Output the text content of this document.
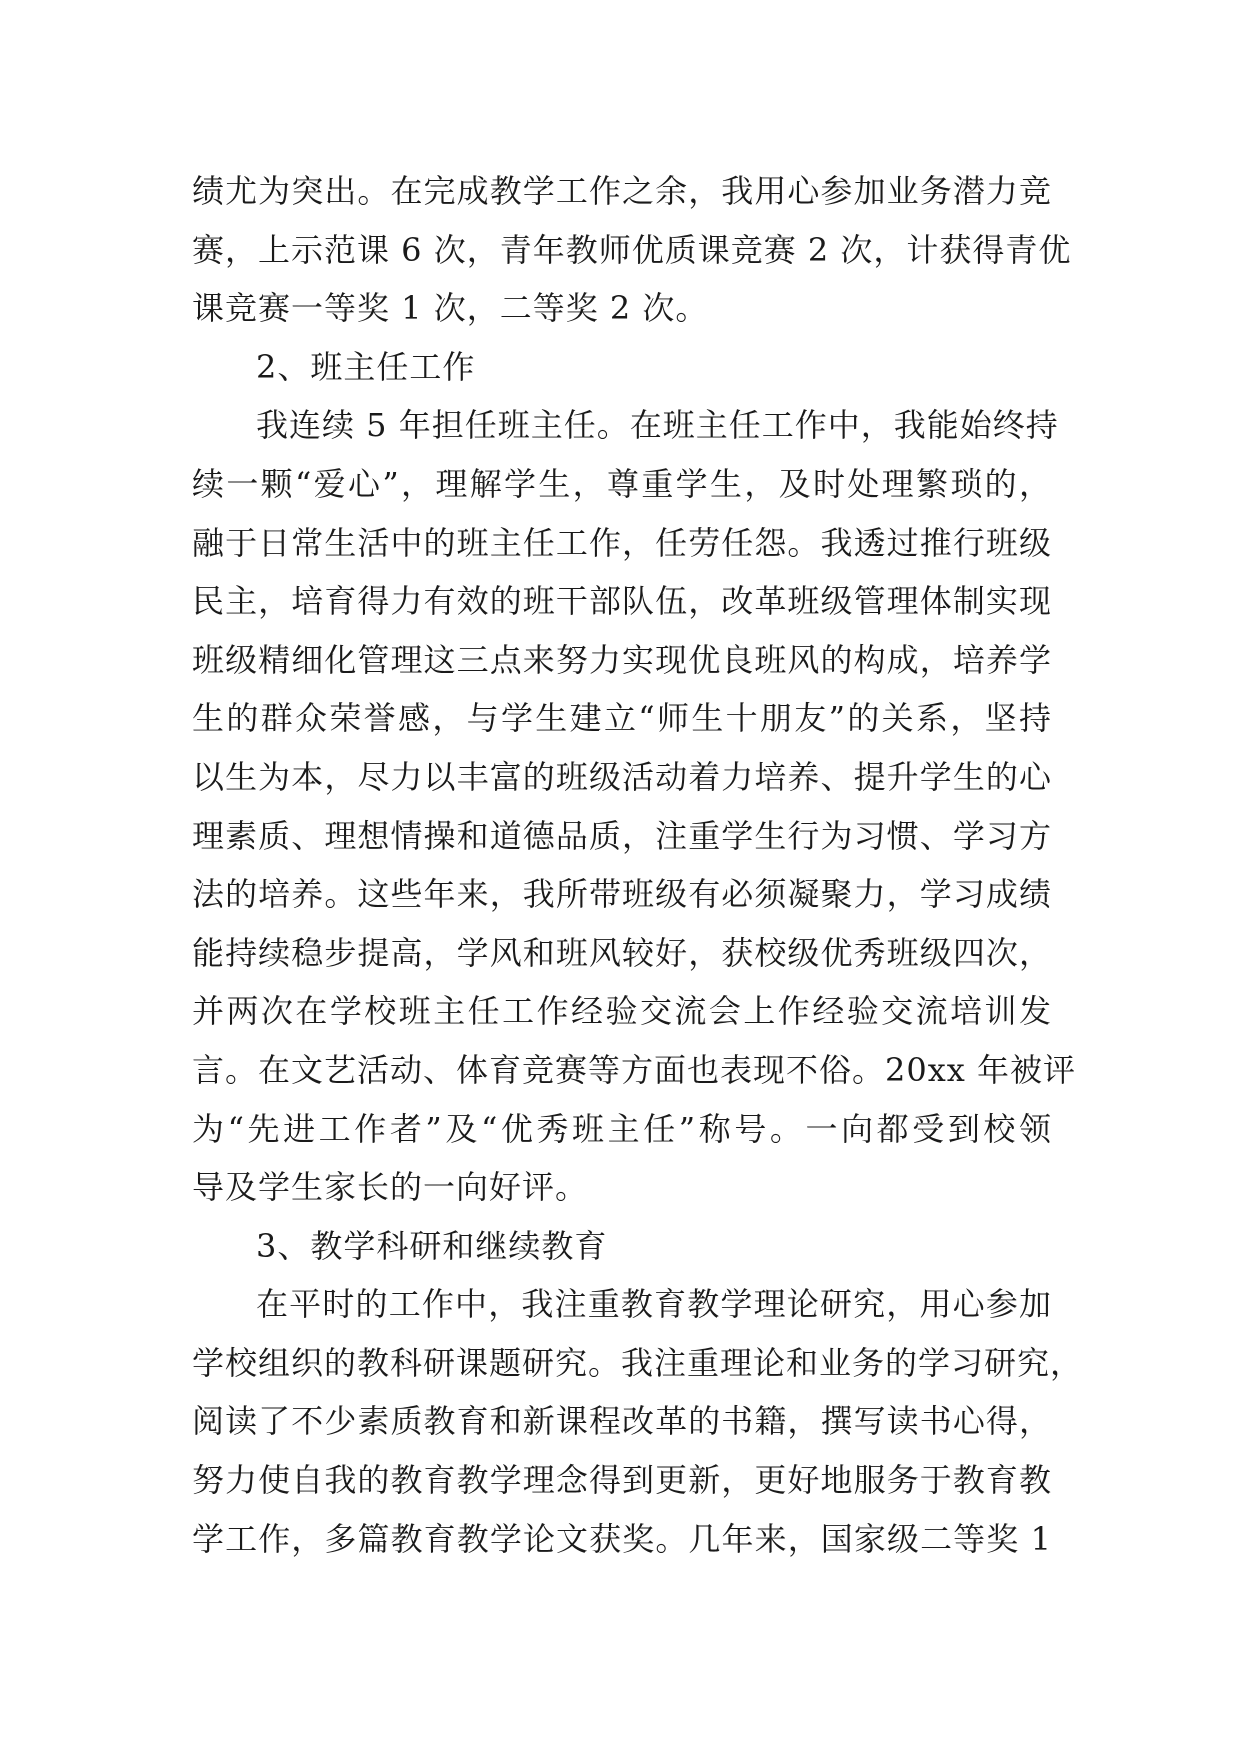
绩尤为突出。在完成教学工作之余，我用心参加业务潜力竞
赛，上示范课 6 次，青年教师优质课竞赛 2 次，计获得青优
课竞赛一等奖 1 次，二等奖 2 次。
2、班主任工作
我连续 5 年担任班主任。在班主任工作中，我能始终持
续一颗“爱心”，理解学生，尊重学生，及时处理繁琐的，
融于日常生活中的班主任工作，任劳任怨。我透过推行班级
民主，培育得力有效的班干部队伍，改革班级管理体制实现
班级精细化管理这三点来努力实现优良班风的构成，培养学
生的群众荣誉感，与学生建立“师生十朋友”的关系，坚持
以生为本，尽力以丰富的班级活动着力培养、提升学生的心
理素质、理想情操和道德品质，注重学生行为习惯、学习方
法的培养。这些年来，我所带班级有必须凝聚力，学习成绩
能持续稳步提高，学风和班风较好，获校级优秀班级四次，
并两次在学校班主任工作经验交流会上作经验交流培训发
言。在文艺活动、体育竞赛等方面也表现不俗。20xx 年被评
为“先进工作者”及“优秀班主任”称号。一向都受到校领
导及学生家长的一向好评。
3、教学科研和继续教育
在平时的工作中，我注重教育教学理论研究，用心参加
学校组织的教科研课题研究。我注重理论和业务的学习研究，
阅读了不少素质教育和新课程改革的书籍，撰写读书心得，
努力使自我的教育教学理念得到更新，更好地服务于教育教
学工作，多篇教育教学论文获奖。几年来，国家级二等奖 1
